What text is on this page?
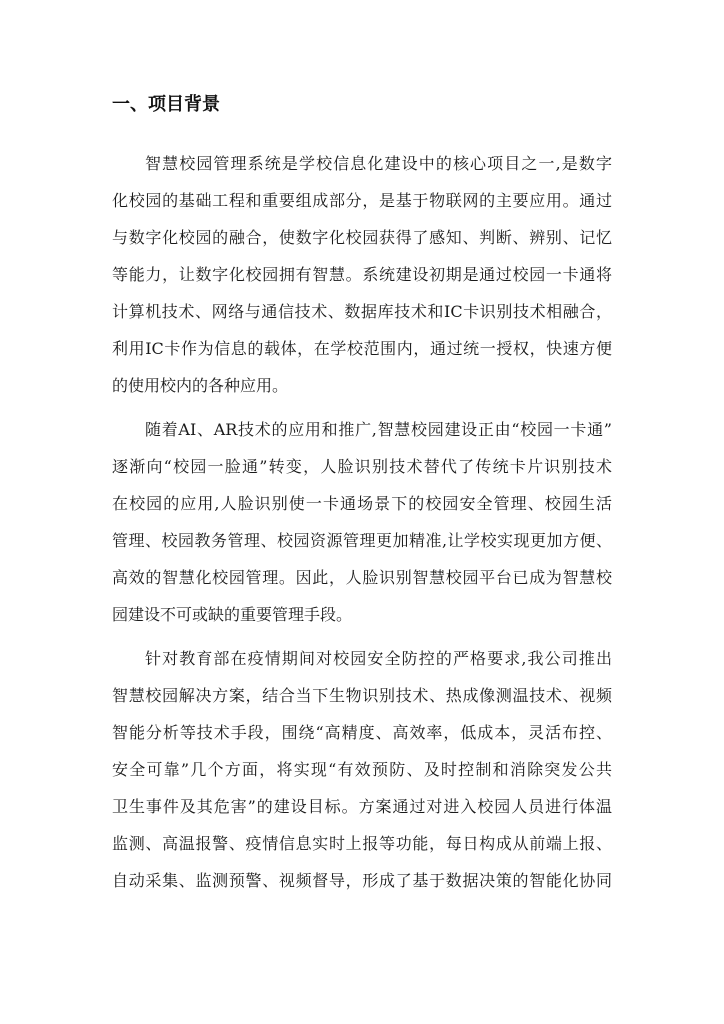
一、项目背景
智慧校园管理系统是学校信息化建设中的核心项目之一,是数字
化校园的基础工程和重要组成部分，是基于物联网的主要应用。通过
与数字化校园的融合，使数字化校园获得了感知、判断、辨别、记忆
等能力，让数字化校园拥有智慧。系统建设初期是通过校园一卡通将
计算机技术、网络与通信技术、数据库技术和IC卡识别技术相融合，
利用IC卡作为信息的载体，在学校范围内，通过统一授权，快速方便
的使用校内的各种应用。
随着AI、AR技术的应用和推广,智慧校园建设正由“校园一卡通”
逐渐向“校园一脸通”转变，人脸识别技术替代了传统卡片识别技术
在校园的应用,人脸识别使一卡通场景下的校园安全管理、校园生活
管理、校园教务管理、校园资源管理更加精准,让学校实现更加方便、
高效的智慧化校园管理。因此，人脸识别智慧校园平台已成为智慧校
园建设不可或缺的重要管理手段。
针对教育部在疫情期间对校园安全防控的严格要求,我公司推出
智慧校园解决方案，结合当下生物识别技术、热成像测温技术、视频
智能分析等技术手段，围绕“高精度、高效率，低成本，灵活布控、
安全可靠”几个方面，将实现“有效预防、及时控制和消除突发公共
卫生事件及其危害”的建设目标。方案通过对进入校园人员进行体温
监测、高温报警、疫情信息实时上报等功能，每日构成从前端上报、
自动采集、监测预警、视频督导，形成了基于数据决策的智能化协同
